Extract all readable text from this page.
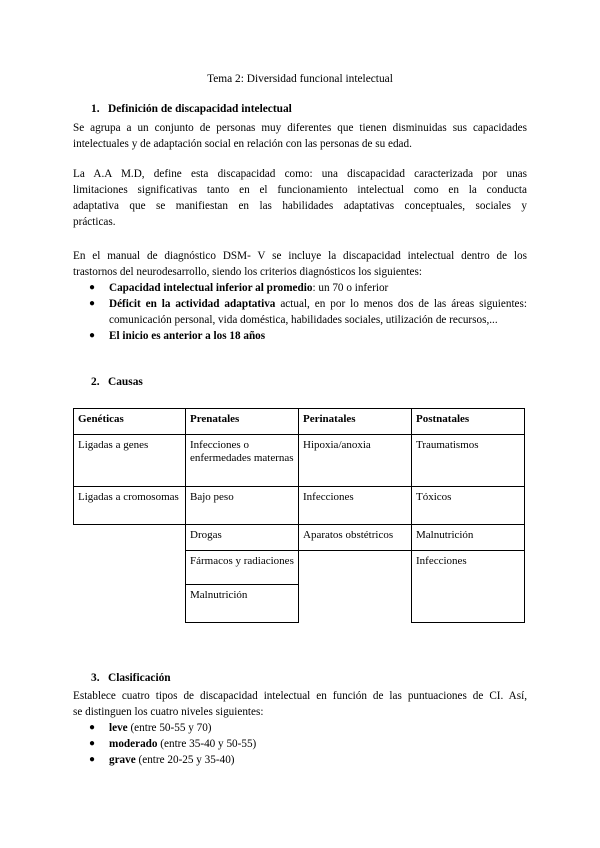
Tema 2: Diversidad funcional intelectual
1. Definición de discapacidad intelectual
Se agrupa a un conjunto de personas muy diferentes que tienen disminuidas sus capacidades
intelectuales y de adaptación social en relación con las personas de su edad.
La A.A M.D, define esta discapacidad como: una discapacidad caracterizada por unas
limitaciones significativas tanto en el funcionamiento intelectual como en la conducta
adaptativa que se manifiestan en las habilidades adaptativas conceptuales, sociales y
prácticas.
En el manual de diagnóstico DSM- V se incluye la discapacidad intelectual dentro de los
trastornos del neurodesarrollo, siendo los criterios diagnósticos los siguientes:
● Capacidad intelectual inferior al promedio: un 70 o inferior
● Déficit en la actividad adaptativa actual, en por lo menos dos de las áreas siguientes: comunicación personal, vida doméstica, habilidades sociales, utilización de recursos,...
● El inicio es anterior a los 18 años
2. Causas
Genéticas	Prenatales	Perinatales	Postnatales
Ligadas a genes	Infecciones o enfermedades maternas	Hipoxia/anoxia	Traumatismos
Ligadas a cromosomas	Bajo peso	Infecciones	Tóxicos
	Drogas	Aparatos obstétricos	Malnutrición
	Fármacos y radiaciones		Infecciones
	Malnutrición		
3. Clasificación
Establece cuatro tipos de discapacidad intelectual en función de las puntuaciones de CI. Así,
se distinguen los cuatro niveles siguientes:
● leve (entre 50-55 y 70)
● moderado (entre 35-40 y 50-55)
● grave (entre 20-25 y 35-40)
